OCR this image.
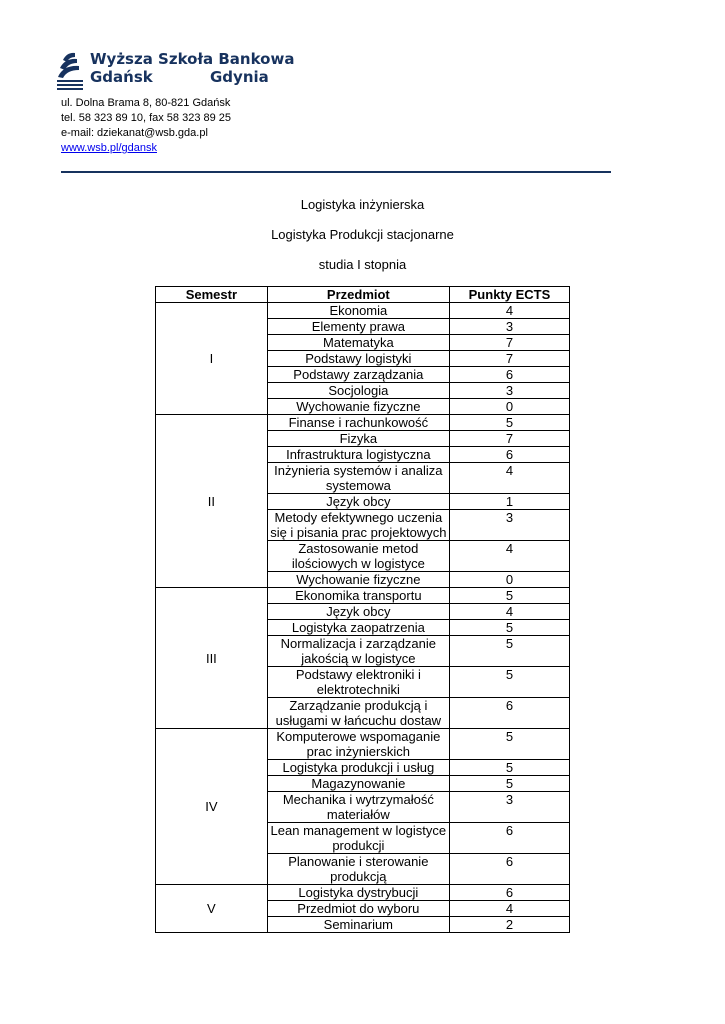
Wyższa Szkoła Bankowa
Gdańsk	Gdynia
ul. Dolna Brama 8, 80-821 Gdańsk
tel. 58 323 89 10, fax 58 323 89 25
e-mail: dziekanat@wsb.gda.pl
www.wsb.pl/gdansk
Logistyka inżynierska
Logistyka Produkcji stacjonarne
studia I stopnia
Semestr	Przedmiot	Punkty ECTS
I	Ekonomia	4
	Elementy prawa	3
	Matematyka	7
	Podstawy logistyki	7
	Podstawy zarządzania	6
	Socjologia	3
	Wychowanie fizyczne	0
II	Finanse i rachunkowość	5
	Fizyka	7
	Infrastruktura logistyczna	6
	Inżynieria systemów i analiza systemowa	4
	Język obcy	1
	Metody efektywnego uczenia się i pisania prac projektowych	3
	Zastosowanie metod ilościowych w logistyce	4
	Wychowanie fizyczne	0
III	Ekonomika transportu	5
	Język obcy	4
	Logistyka zaopatrzenia	5
	Normalizacja i zarządzanie jakością w logistyce	5
	Podstawy elektroniki i elektrotechniki	5
	Zarządzanie produkcją i usługami w łańcuchu dostaw	6
IV	Komputerowe wspomaganie prac inżynierskich	5
	Logistyka produkcji i usług	5
	Magazynowanie	5
	Mechanika i wytrzymałość materiałów	3
	Lean management w logistyce produkcji	6
	Planowanie i sterowanie produkcją	6
V	Logistyka dystrybucji	6
	Przedmiot do wyboru	4
	Seminarium	2
